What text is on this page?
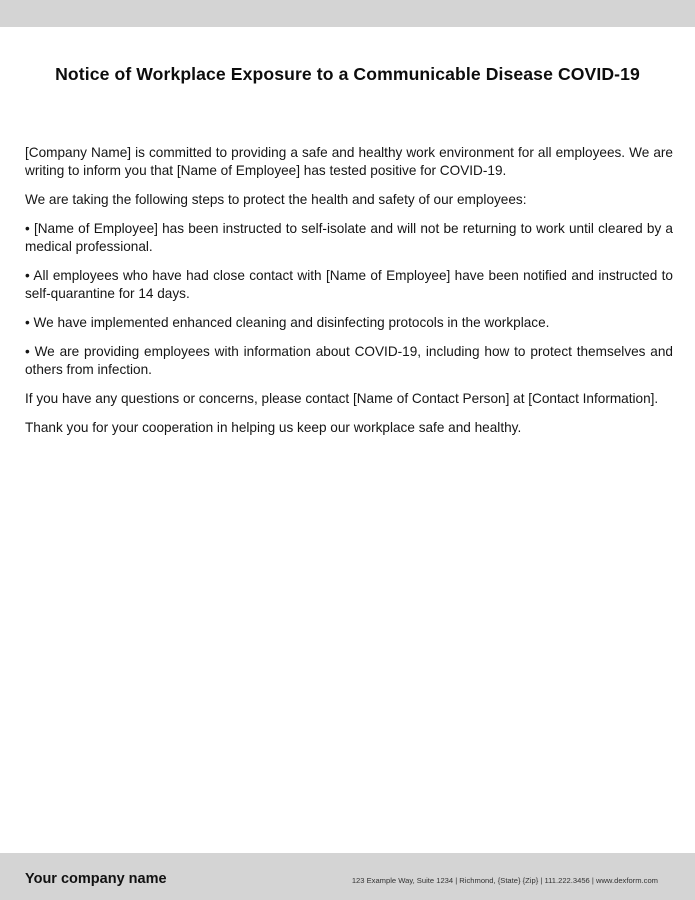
Notice of Workplace Exposure to a Communicable Disease COVID-19

[Company Name] is committed to providing a safe and healthy work environment for all employees. We are writing to inform you that [Name of Employee] has tested positive for COVID-19.

We are taking the following steps to protect the health and safety of our employees:

• [Name of Employee] has been instructed to self-isolate and will not be returning to work until cleared by a medical professional.

• All employees who have had close contact with [Name of Employee] have been notified and instructed to self-quarantine for 14 days.

• We have implemented enhanced cleaning and disinfecting protocols in the workplace.

• We are providing employees with information about COVID-19, including how to protect themselves and others from infection.

If you have any questions or concerns, please contact [Name of Contact Person] at [Contact Information].

Thank you for your cooperation in helping us keep our workplace safe and healthy.

Your company name	123 Example Way, Suite 1234 | Richmond, {State} {Zip} | 111.222.3456 | www.dexform.com
